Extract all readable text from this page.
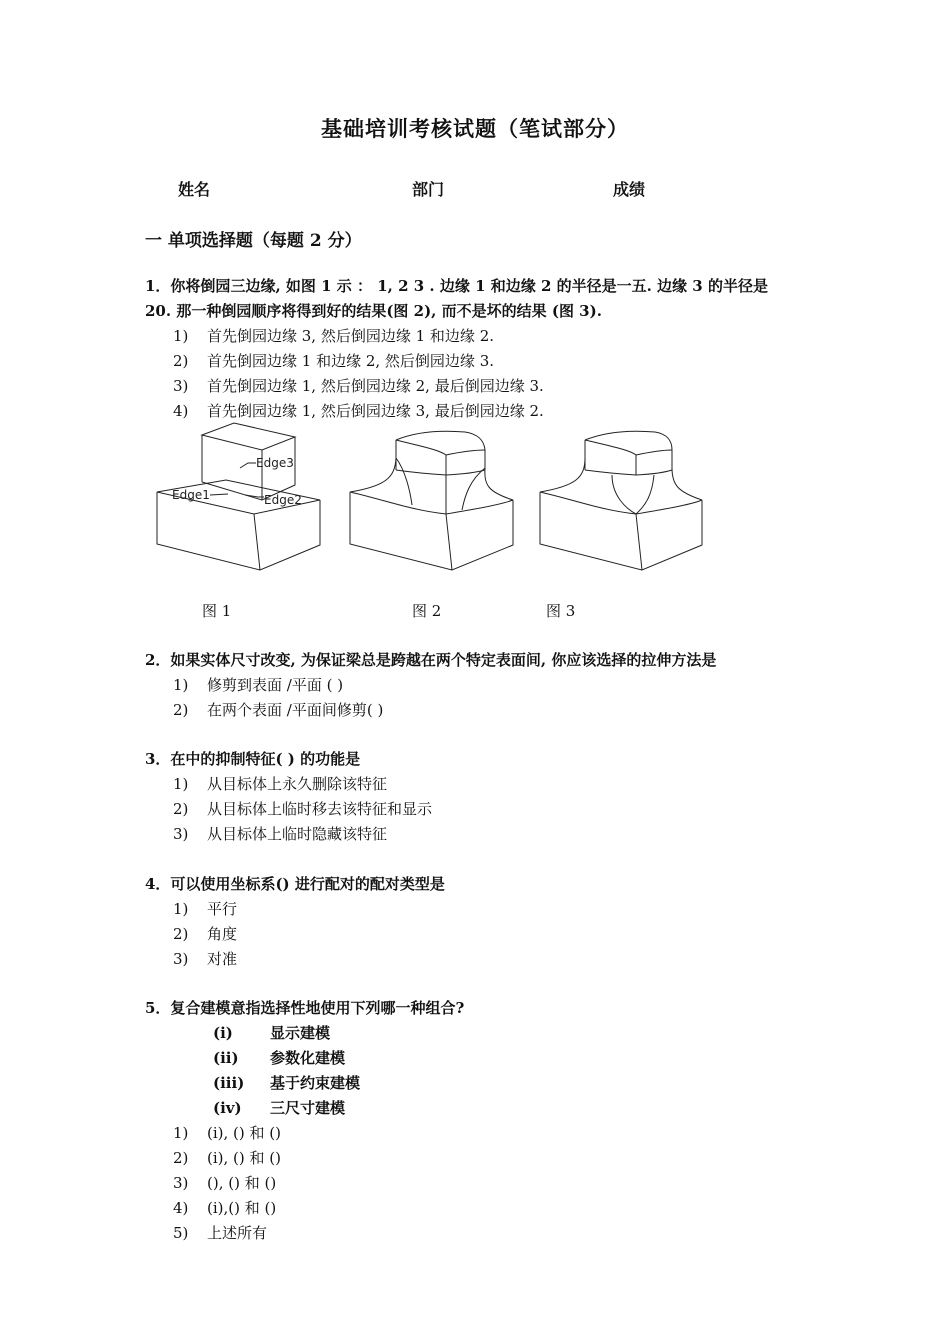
基础培训考核试题（笔试部分）
姓名	部门	成绩
一 单项选择题（每题 2 分）
1．你将倒园三边缘, 如图 1 示 ： 1, 2 3 . 边缘 1 和边缘 2 的半径是一五. 边缘 3 的半径是
20. 那一种倒园顺序将得到好的结果(图 2), 而不是坏的结果 (图 3).
1) 首先倒园边缘 3, 然后倒园边缘 1 和边缘 2.
2) 首先倒园边缘 1 和边缘 2, 然后倒园边缘 3.
3) 首先倒园边缘 1, 然后倒园边缘 2, 最后倒园边缘 3.
4) 首先倒园边缘 1, 然后倒园边缘 3, 最后倒园边缘 2.
Edge3
Edge1	Edge2
图 1	图 2	图 3
2．如果实体尺寸改变, 为保证梁总是跨越在两个特定表面间, 你应该选择的拉伸方法是
1) 修剪到表面 /平面 ( )
2) 在两个表面 /平面间修剪( )
3．在中的抑制特征( ) 的功能是
1) 从目标体上永久删除该特征
2) 从目标体上临时移去该特征和显示
3) 从目标体上临时隐藏该特征
4．可以使用坐标系() 进行配对的配对类型是
1) 平行
2) 角度
3) 对准
5．复合建模意指选择性地使用下列哪一种组合?
(i) 显示建模
(ii) 参数化建模
(iii) 基于约束建模
(iv) 三尺寸建模
1) (i), () 和 ()
2) (i), () 和 ()
3) (), () 和 ()
4) (i),() 和 ()
5) 上述所有
